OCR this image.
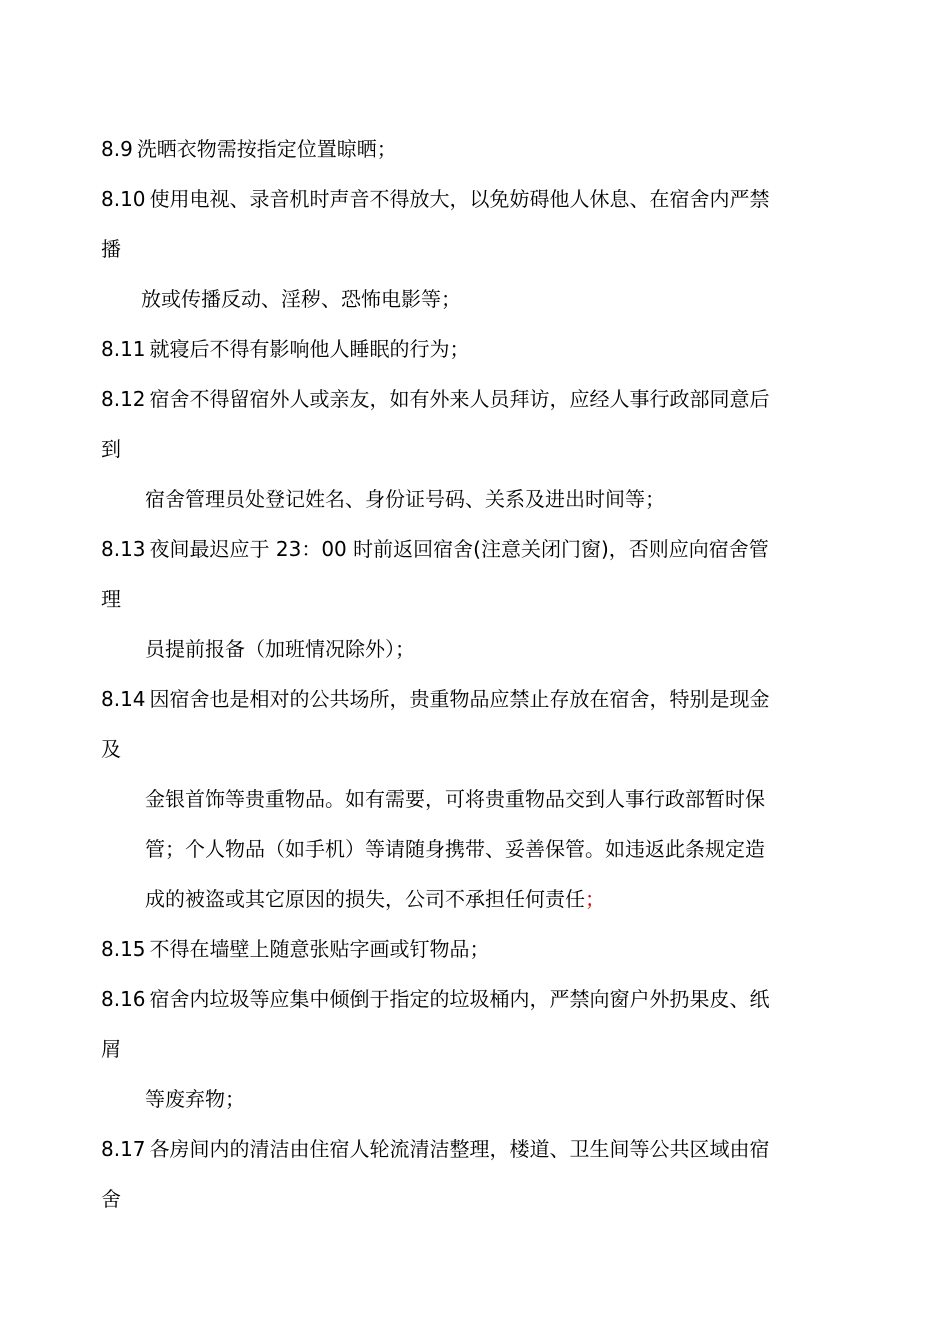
8.9 洗晒衣物需按指定位置晾晒；
8.10 使用电视、录音机时声音不得放大，以免妨碍他人休息、在宿舍内严禁
播
放或传播反动、淫秽、恐怖电影等；
8.11 就寝后不得有影响他人睡眠的行为；
8.12 宿舍不得留宿外人或亲友，如有外来人员拜访，应经人事行政部同意后
到
宿舍管理员处登记姓名、身份证号码、关系及进出时间等；
8.13 夜间最迟应于 23：00 时前返回宿舍(注意关闭门窗)，否则应向宿舍管
理
员提前报备（加班情况除外）；
8.14 因宿舍也是相对的公共场所，贵重物品应禁止存放在宿舍，特别是现金
及
金银首饰等贵重物品。如有需要，可将贵重物品交到人事行政部暂时保
管；个人物品（如手机）等请随身携带、妥善保管。如违返此条规定造
成的被盗或其它原因的损失，公司不承担任何责任；
8.15 不得在墙壁上随意张贴字画或钉物品；
8.16 宿舍内垃圾等应集中倾倒于指定的垃圾桶内，严禁向窗户外扔果皮、纸
屑
等废弃物；
8.17 各房间内的清洁由住宿人轮流清洁整理，楼道、卫生间等公共区域由宿
舍
